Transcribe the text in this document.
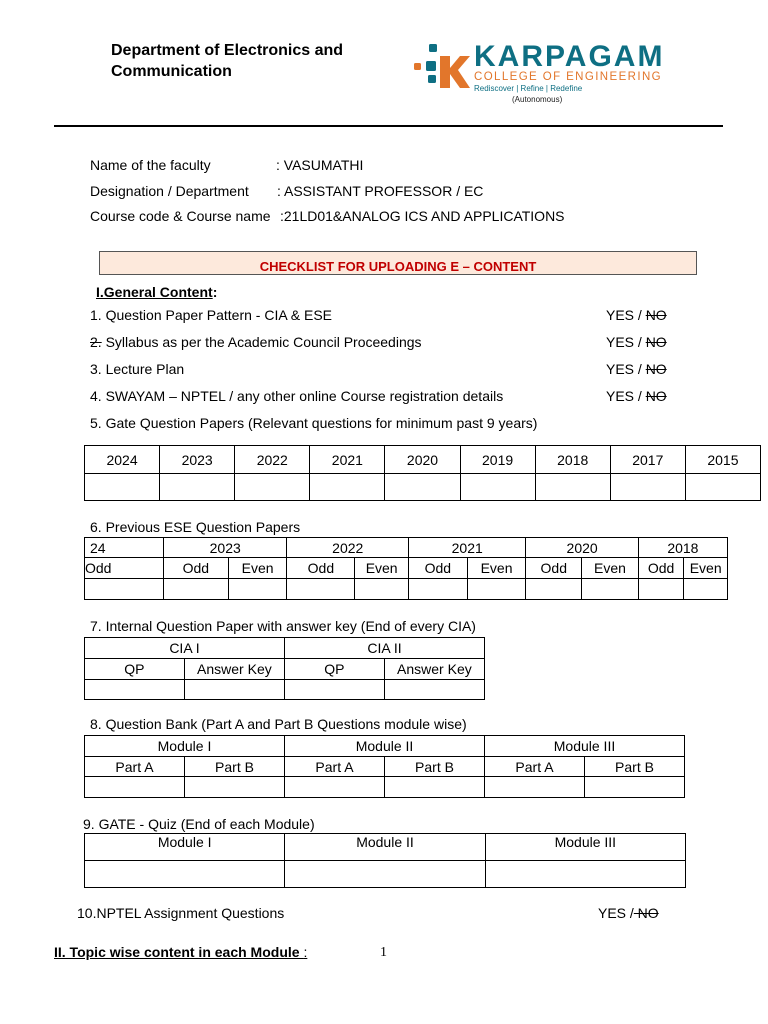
Department of Electronics and
Communication	KARPAGAM
COLLEGE OF ENGINEERING
Rediscover | Refine | Redefine
(Autonomous)
Name of the faculty	: VASUMATHI
Designation / Department : ASSISTANT PROFESSOR / EC
Course code & Course name :21LD01&ANALOG ICS AND APPLICATIONS
CHECKLIST FOR UPLOADING E – CONTENT
I.General Content:
1. Question Paper Pattern - CIA & ESE	YES / NO
2. Syllabus as per the Academic Council Proceedings	YES / NO
3. Lecture Plan	YES / NO
4. SWAYAM – NPTEL / any other online Course registration details	YES / NO
5. Gate Question Papers (Relevant questions for minimum past 9 years)
2024	2023	2022	2021	2020	2019	2018	2017	2015

6. Previous ESE Question Papers
24	2023		2022		2021		2020		2018	
Odd	Odd	Even	Odd	Even	Odd	Even	Odd	Even	Odd	Even

7. Internal Question Paper with answer key (End of every CIA)
CIA I		CIA II	
QP	Answer Key	QP	Answer Key

8. Question Bank (Part A and Part B Questions module wise)
Module I		Module II		Module III	
Part A	Part B	Part A	Part B	Part A	Part B

9. GATE - Quiz (End of each Module)
Module I	Module II	Module III

10.NPTEL Assignment Questions	YES / NO
II. Topic wise content in each Module :	1
